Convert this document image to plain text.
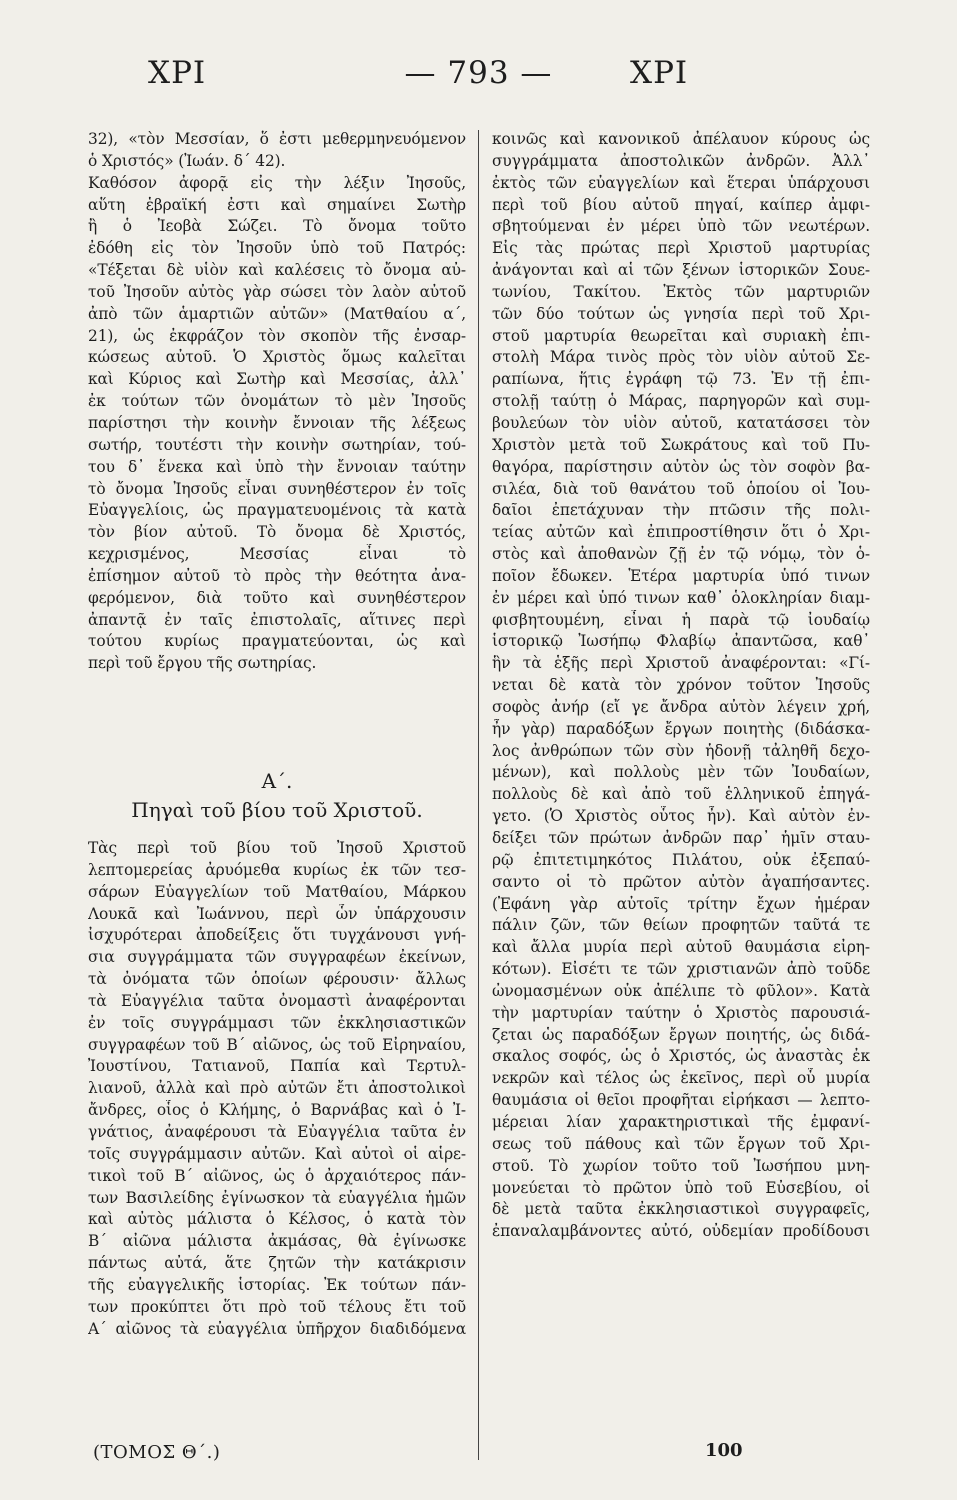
ΧΡΙ	— 793 —	ΧΡΙ
32), «τὸν Μεσσίαν, ὅ ἐστι μεθερμηνευόμενον
ὁ Χριστός» (Ἰωάν. δ΄ 42).
Καθόσον ἀφορᾷ εἰς τὴν λέξιν Ἰησοῦς,
αὕτη ἑβραϊκή ἐστι καὶ σημαίνει Σωτὴρ
ἢ ὁ Ἰεοβὰ Σώζει. Τὸ ὄνομα τοῦτο
ἐδόθη εἰς τὸν Ἰησοῦν ὑπὸ τοῦ Πατρός:
«Τέξεται δὲ υἱὸν καὶ καλέσεις τὸ ὄνομα αὐ-
τοῦ Ἰησοῦν αὐτὸς γὰρ σώσει τὸν λαὸν αὐτοῦ
ἀπὸ τῶν ἁμαρτιῶν αὐτῶν» (Ματθαίου α΄,
21), ὡς ἐκφράζον τὸν σκοπὸν τῆς ἐνσαρ-
κώσεως αὐτοῦ. Ὁ Χριστὸς ὅμως καλεῖται
καὶ Κύριος καὶ Σωτὴρ καὶ Μεσσίας, ἀλλ᾽
ἐκ τούτων τῶν ὀνομάτων τὸ μὲν Ἰησοῦς
παρίστησι τὴν κοινὴν ἔννοιαν τῆς λέξεως
σωτήρ, τουτέστι τὴν κοινὴν σωτηρίαν, τού-
του δ᾽ ἕνεκα καὶ ὑπὸ τὴν ἔννοιαν ταύτην
τὸ ὄνομα Ἰησοῦς εἶναι συνηθέστερον ἐν τοῖς
Εὐαγγελίοις, ὡς πραγματευομένοις τὰ κατὰ
τὸν βίον αὐτοῦ. Τὸ ὄνομα δὲ Χριστός,
κεχρισμένος, Μεσσίας εἶναι τὸ
ἐπίσημον αὐτοῦ τὸ πρὸς τὴν θεότητα ἀνα-
φερόμενον, διὰ τοῦτο καὶ συνηθέστερον
ἀπαντᾷ ἐν ταῖς ἐπιστολαῖς, αἵτινες περὶ
τούτου κυρίως πραγματεύονται, ὡς καὶ
περὶ τοῦ ἔργου τῆς σωτηρίας.
Α΄.
Πηγαὶ τοῦ βίου τοῦ Χριστοῦ.
Τὰς περὶ τοῦ βίου τοῦ Ἰησοῦ Χριστοῦ
λεπτομερείας ἀρυόμεθα κυρίως ἐκ τῶν τεσ-
σάρων Εὐαγγελίων τοῦ Ματθαίου, Μάρκου
Λουκᾶ καὶ Ἰωάννου, περὶ ὧν ὑπάρχουσιν
ἰσχυρότεραι ἀποδείξεις ὅτι τυγχάνουσι γνή-
σια συγγράμματα τῶν συγγραφέων ἐκείνων,
τὰ ὀνόματα τῶν ὁποίων φέρουσιν· ἄλλως
τὰ Εὐαγγέλια ταῦτα ὀνομαστὶ ἀναφέρονται
ἐν τοῖς συγγράμμασι τῶν ἐκκλησιαστικῶν
συγγραφέων τοῦ Β΄ αἰῶνος, ὡς τοῦ Εἰρηναίου,
Ἰουστίνου, Τατιανοῦ, Παπία καὶ Τερτυλ-
λιανοῦ, ἀλλὰ καὶ πρὸ αὐτῶν ἔτι ἀποστολικοὶ
ἄνδρες, οἷος ὁ Κλήμης, ὁ Βαρνάβας καὶ ὁ Ἰ-
γνάτιος, ἀναφέρουσι τὰ Εὐαγγέλια ταῦτα ἐν
τοῖς συγγράμμασιν αὐτῶν. Καὶ αὐτοὶ οἱ αἱρε-
τικοὶ τοῦ Β΄ αἰῶνος, ὡς ὁ ἀρχαιότερος πάν-
των Βασιλείδης ἐγίνωσκον τὰ εὐαγγέλια ἡμῶν
καὶ αὐτὸς μάλιστα ὁ Κέλσος, ὁ κατὰ τὸν
Β΄ αἰῶνα μάλιστα ἀκμάσας, θὰ ἐγίνωσκε
πάντως αὐτά, ἅτε ζητῶν τὴν κατάκρισιν
τῆς εὐαγγελικῆς ἱστορίας. Ἐκ τούτων πάν-
των προκύπτει ὅτι πρὸ τοῦ τέλους ἔτι τοῦ
Α΄ αἰῶνος τὰ εὐαγγέλια ὑπῆρχον διαδιδόμενα
κοινῶς καὶ κανονικοῦ ἀπέλαυον κύρους ὡς
συγγράμματα ἀποστολικῶν ἀνδρῶν. Ἀλλ᾽
ἐκτὸς τῶν εὐαγγελίων καὶ ἕτεραι ὑπάρχουσι
περὶ τοῦ βίου αὐτοῦ πηγαί, καίπερ ἀμφι-
σβητούμεναι ἐν μέρει ὑπὸ τῶν νεωτέρων.
Εἰς τὰς πρώτας περὶ Χριστοῦ μαρτυρίας
ἀνάγονται καὶ αἱ τῶν ξένων ἱστορικῶν Σουε-
τωνίου, Τακίτου. Ἐκτὸς τῶν μαρτυριῶν
τῶν δύο τούτων ὡς γνησία περὶ τοῦ Χρι-
στοῦ μαρτυρία θεωρεῖται καὶ συριακὴ ἐπι-
στολὴ Μάρα τινὸς πρὸς τὸν υἱὸν αὐτοῦ Σε-
ραπίωνα, ἥτις ἐγράφη τῷ 73. Ἐν τῇ ἐπι-
στολῇ ταύτῃ ὁ Μάρας, παρηγορῶν καὶ συμ-
βουλεύων τὸν υἱὸν αὐτοῦ, κατατάσσει τὸν
Χριστὸν μετὰ τοῦ Σωκράτους καὶ τοῦ Πυ-
θαγόρα, παρίστησιν αὐτὸν ὡς τὸν σοφὸν βα-
σιλέα, διὰ τοῦ θανάτου τοῦ ὁποίου οἱ Ἰου-
δαῖοι ἐπετάχυναν τὴν πτῶσιν τῆς πολι-
τείας αὐτῶν καὶ ἐπιπροστίθησιν ὅτι ὁ Χρι-
στὸς καὶ ἀποθανὼν ζῇ ἐν τῷ νόμῳ, τὸν ὁ-
ποῖον ἔδωκεν. Ἑτέρα μαρτυρία ὑπό τινων
ἐν μέρει καὶ ὑπό τινων καθ᾽ ὁλοκληρίαν διαμ-
φισβητουμένη, εἶναι ἡ παρὰ τῷ ἰουδαίῳ
ἱστορικῷ Ἰωσήπῳ Φλαβίῳ ἀπαντῶσα, καθ᾽
ἣν τὰ ἑξῆς περὶ Χριστοῦ ἀναφέρονται: «Γί-
νεται δὲ κατὰ τὸν χρόνον τοῦτον Ἰησοῦς
σοφὸς ἀνήρ (εἴ γε ἄνδρα αὐτὸν λέγειν χρή,
ἦν γὰρ) παραδόξων ἔργων ποιητὴς (διδάσκα-
λος ἀνθρώπων τῶν σὺν ἡδονῇ τἀληθῆ δεχο-
μένων), καὶ πολλοὺς μὲν τῶν Ἰουδαίων,
πολλοὺς δὲ καὶ ἀπὸ τοῦ ἑλληνικοῦ ἐπηγά-
γετο. (Ὁ Χριστὸς οὗτος ἦν). Καὶ αὐτὸν ἐν-
δείξει τῶν πρώτων ἀνδρῶν παρ᾽ ἡμῖν σταυ-
ρῷ ἐπιτετιμηκότος Πιλάτου, οὐκ ἐξεπαύ-
σαντο οἱ τὸ πρῶτον αὐτὸν ἀγαπήσαντες.
(Ἐφάνη γὰρ αὐτοῖς τρίτην ἔχων ἡμέραν
πάλιν ζῶν, τῶν θείων προφητῶν ταῦτά τε
καὶ ἄλλα μυρία περὶ αὐτοῦ θαυμάσια εἰρη-
κότων). Εἰσέτι τε τῶν χριστιανῶν ἀπὸ τοῦδε
ὠνομασμένων οὐκ ἀπέλιπε τὸ φῦλον». Κατὰ
τὴν μαρτυρίαν ταύτην ὁ Χριστὸς παρουσιά-
ζεται ὡς παραδόξων ἔργων ποιητής, ὡς διδά-
σκαλος σοφός, ὡς ὁ Χριστός, ὡς ἀναστὰς ἐκ
νεκρῶν καὶ τέλος ὡς ἐκεῖνος, περὶ οὗ μυρία
θαυμάσια οἱ θεῖοι προφῆται εἰρήκασι — λεπτο-
μέρειαι λίαν χαρακτηριστικαὶ τῆς ἐμφανί-
σεως τοῦ πάθους καὶ τῶν ἔργων τοῦ Χρι-
στοῦ. Τὸ χωρίον τοῦτο τοῦ Ἰωσήπου μνη-
μονεύεται τὸ πρῶτον ὑπὸ τοῦ Εὐσεβίου, οἱ
δὲ μετὰ ταῦτα ἐκκλησιαστικοὶ συγγραφεῖς,
ἐπαναλαμβάνοντες αὐτό, οὐδεμίαν προδίδουσι
(ΤΟΜΟΣ Θ΄.)	100
